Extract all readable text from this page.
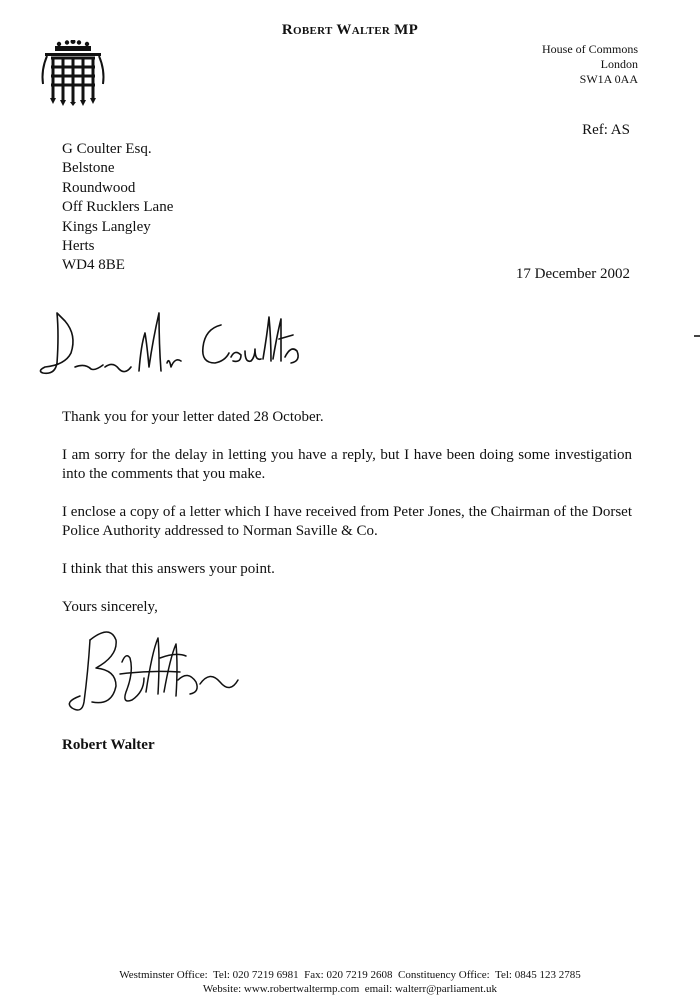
Robert Walter MP
House of Commons
London
SW1A 0AA
Ref: AS
G Coulter Esq.
Belstone
Roundwood
Off Rucklers Lane
Kings Langley
Herts
WD4 8BE
17 December 2002

Thank you for your letter dated 28 October.

I am sorry for the delay in letting you have a reply, but I have been doing some investigation into the comments that you make.

I enclose a copy of a letter which I have received from Peter Jones, the Chairman of the Dorset Police Authority addressed to Norman Saville & Co.

I think that this answers your point.

Yours sincerely,

Robert Walter
Westminster Office:  Tel: 020 7219 6981  Fax: 020 7219 2608  Constituency Office:  Tel: 0845 123 2785
Website: www.robertwaltermp.com  email: walterr@parliament.uk
